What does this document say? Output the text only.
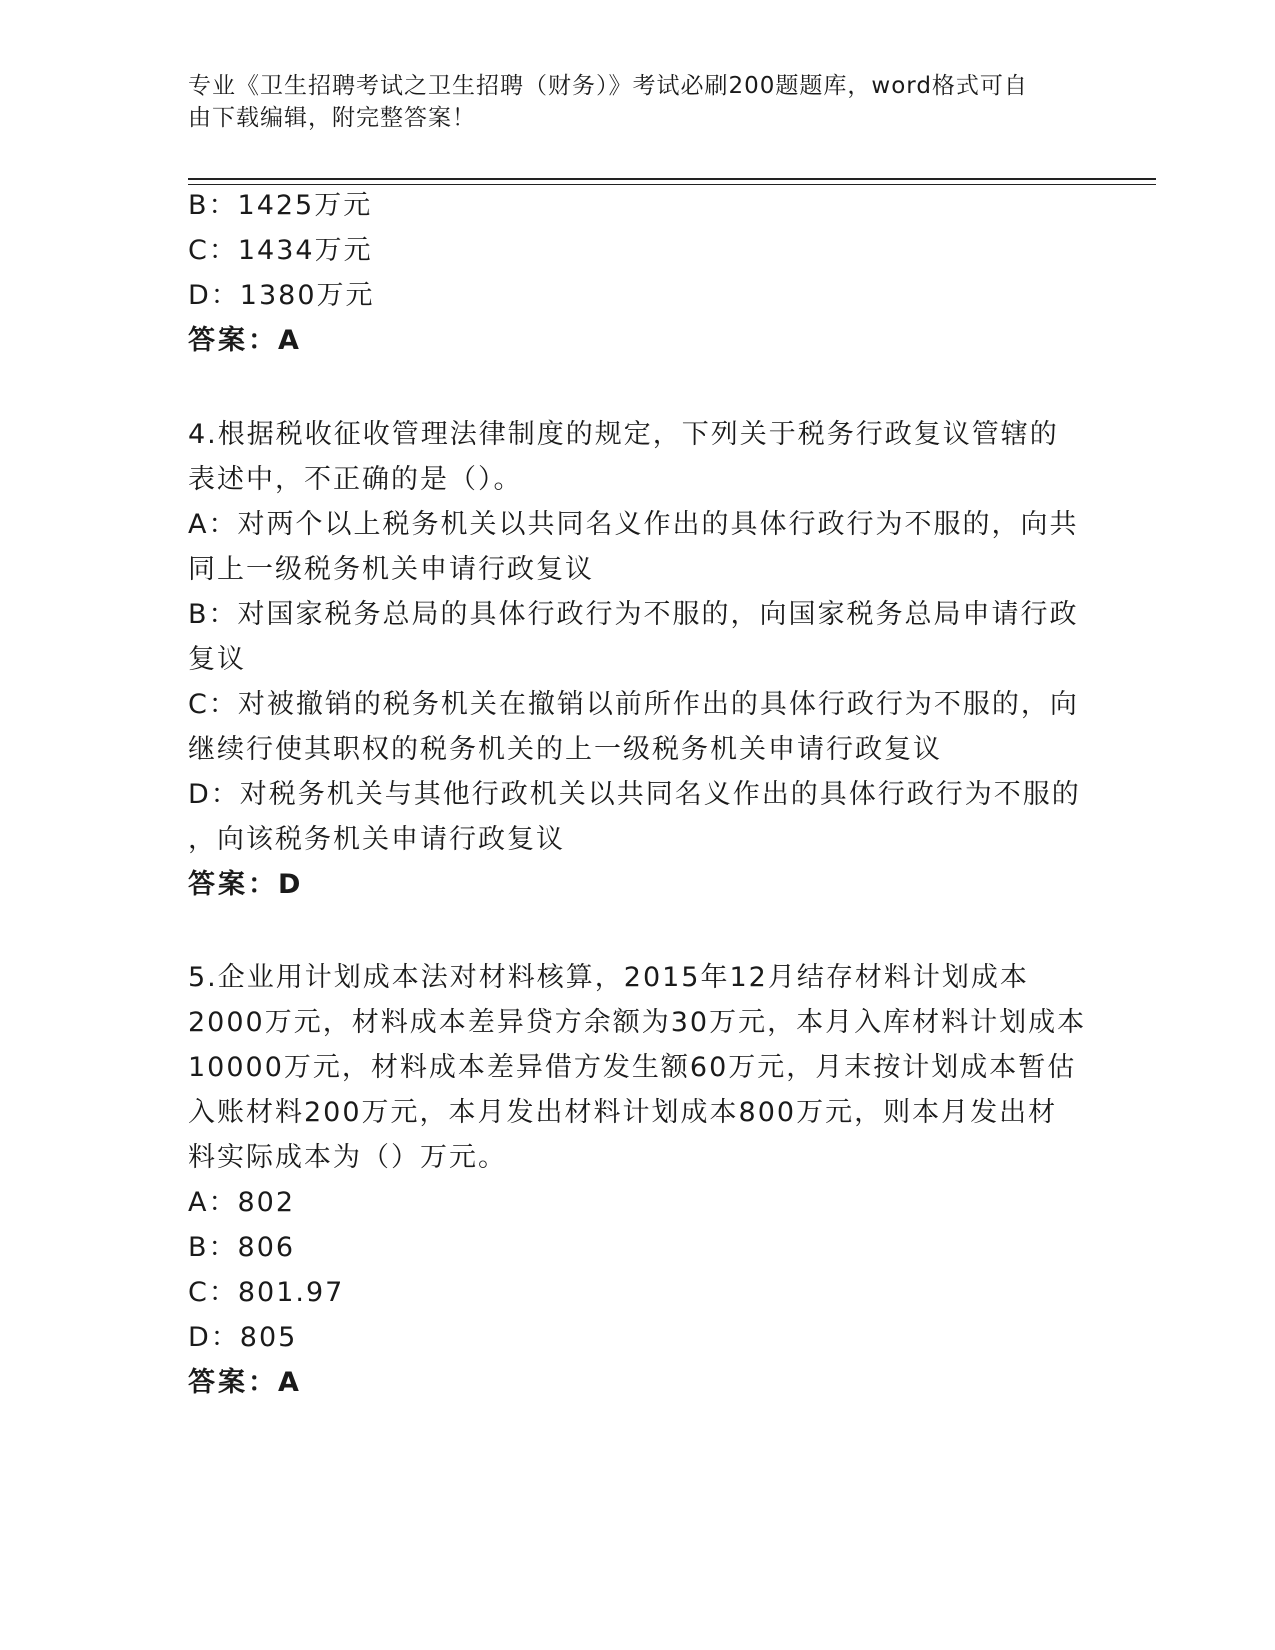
专业《卫生招聘考试之卫生招聘（财务）》考试必刷200题题库，word格式可自
由下载编辑，附完整答案！
B：1425万元
C：1434万元
D：1380万元
答案：A
4.根据税收征收管理法律制度的规定，下列关于税务行政复议管辖的
表述中，不正确的是（）。
A：对两个以上税务机关以共同名义作出的具体行政行为不服的，向共
同上一级税务机关申请行政复议
B：对国家税务总局的具体行政行为不服的，向国家税务总局申请行政
复议
C：对被撤销的税务机关在撤销以前所作出的具体行政行为不服的，向
继续行使其职权的税务机关的上一级税务机关申请行政复议
D：对税务机关与其他行政机关以共同名义作出的具体行政行为不服的
，向该税务机关申请行政复议
答案：D
5.企业用计划成本法对材料核算，2015年12月结存材料计划成本
2000万元，材料成本差异贷方余额为30万元，本月入库材料计划成本
10000万元，材料成本差异借方发生额60万元，月末按计划成本暂估
入账材料200万元，本月发出材料计划成本800万元，则本月发出材
料实际成本为（）万元。
A：802
B：806
C：801.97
D：805
答案：A
